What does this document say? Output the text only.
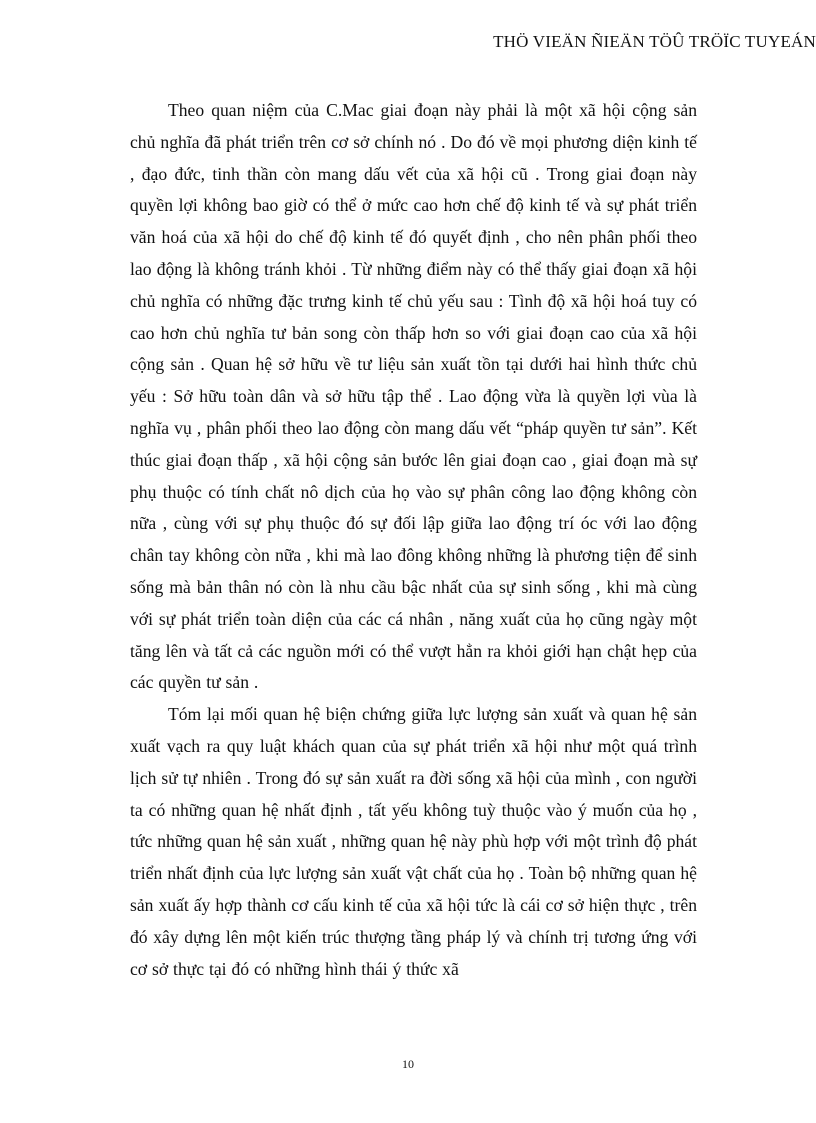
THÖ VIEÄN ÑIEÄN TÖÛ TRÖÏC TUYEÁN

Theo quan niệm của C.Mac giai đoạn này phải là một xã hội cộng sản chủ nghĩa đã phát triển trên cơ sở chính nó . Do đó về mọi phương diện kinh tế , đạo đức, tinh thần còn mang dấu vết của xã hội cũ . Trong giai đoạn này quyền lợi không bao giờ có thể ở mức cao hơn chế độ kinh tế và sự phát triển văn hoá của xã hội do chế độ kinh tế đó quyết định , cho nên phân phối theo lao động là không tránh khỏi . Từ những điểm này có thể thấy giai đoạn xã hội chủ nghĩa có những đặc trưng kinh tế chủ yếu sau : Tình độ xã hội hoá tuy có cao hơn chủ nghĩa tư bản song còn thấp hơn so với giai đoạn cao của xã hội cộng sản . Quan hệ sở hữu về tư liệu sản xuất tồn tại dưới hai hình thức chủ yếu : Sở hữu toàn dân và sở hữu tập thể . Lao động vừa là quyền lợi vùa là nghĩa vụ , phân phối theo lao động còn mang dấu vết “pháp quyền tư sản”. Kết thúc giai đoạn thấp , xã hội cộng sản bước lên giai đoạn cao , giai đoạn mà sự phụ thuộc có tính chất nô dịch của họ vào sự phân công lao động không còn nữa , cùng với sự phụ thuộc đó sự đối lập giữa lao động trí óc với lao động chân tay không còn nữa , khi mà lao đông không những là phương tiện để sinh sống mà bản thân nó còn là nhu cầu bậc nhất của sự sinh sống , khi mà cùng với sự phát triển toàn diện của các cá nhân , năng xuất của họ cũng ngày một tăng lên và tất cả các nguồn mới có thể vượt hẳn ra khỏi giới hạn chật hẹp của các quyền tư sản .

Tóm lại mối quan hệ biện chứng giữa lực lượng sản xuất và quan hệ sản xuất vạch ra quy luật khách quan của sự phát triển xã hội như một quá trình lịch sử tự nhiên . Trong đó sự sản xuất ra đời sống xã hội của mình , con người ta có những quan hệ nhất định , tất yếu không tuỳ thuộc vào ý muốn của họ , tức những quan hệ sản xuất , những quan hệ này phù hợp với một trình độ phát triển nhất định của lực lượng sản xuất vật chất của họ . Toàn bộ những quan hệ sản xuất ấy hợp thành cơ cấu kinh tế của xã hội tức là cái cơ sở hiện thực , trên đó xây dựng lên một kiến trúc thượng tầng pháp lý và chính trị tương ứng với cơ sở thực tại đó có những hình thái ý thức xã

10
